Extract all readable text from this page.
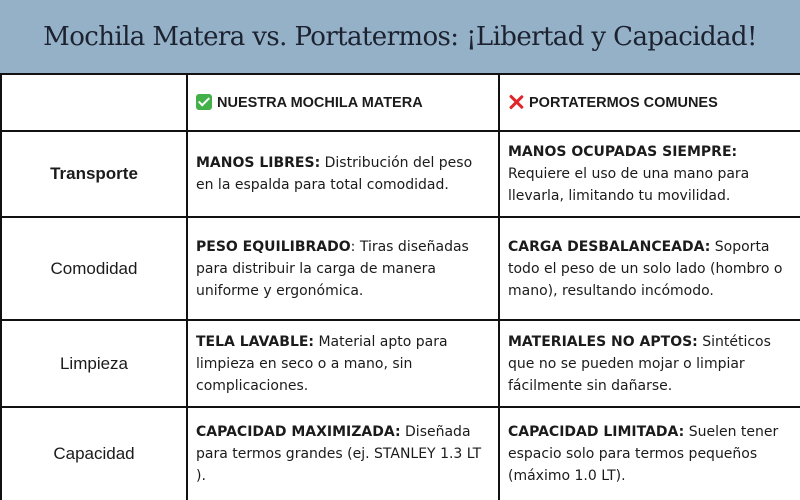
Mochila Matera vs. Portatermos: ¡Libertad y Capacidad!
	NUESTRA MOCHILA MATERA	PORTATERMOS COMUNES
Transporte	MANOS LIBRES: Distribución del peso en la espalda para total comodidad.	MANOS OCUPADAS SIEMPRE: Requiere el uso de una mano para llevarla, limitando tu movilidad.
Comodidad	PESO EQUILIBRADO: Tiras diseñadas para distribuir la carga de manera uniforme y ergonómica.	CARGA DESBALANCEADA: Soporta todo el peso de un solo lado (hombro o mano), resultando incómodo.
Limpieza	TELA LAVABLE: Material apto para limpieza en seco o a mano, sin complicaciones.	MATERIALES NO APTOS: Sintéticos que no se pueden mojar o limpiar fácilmente sin dañarse.
Capacidad	CAPACIDAD MAXIMIZADA: Diseñada para termos grandes (ej. STANLEY 1.3 LT ).	CAPACIDAD LIMITADA: Suelen tener espacio solo para termos pequeños (máximo 1.0 LT).
